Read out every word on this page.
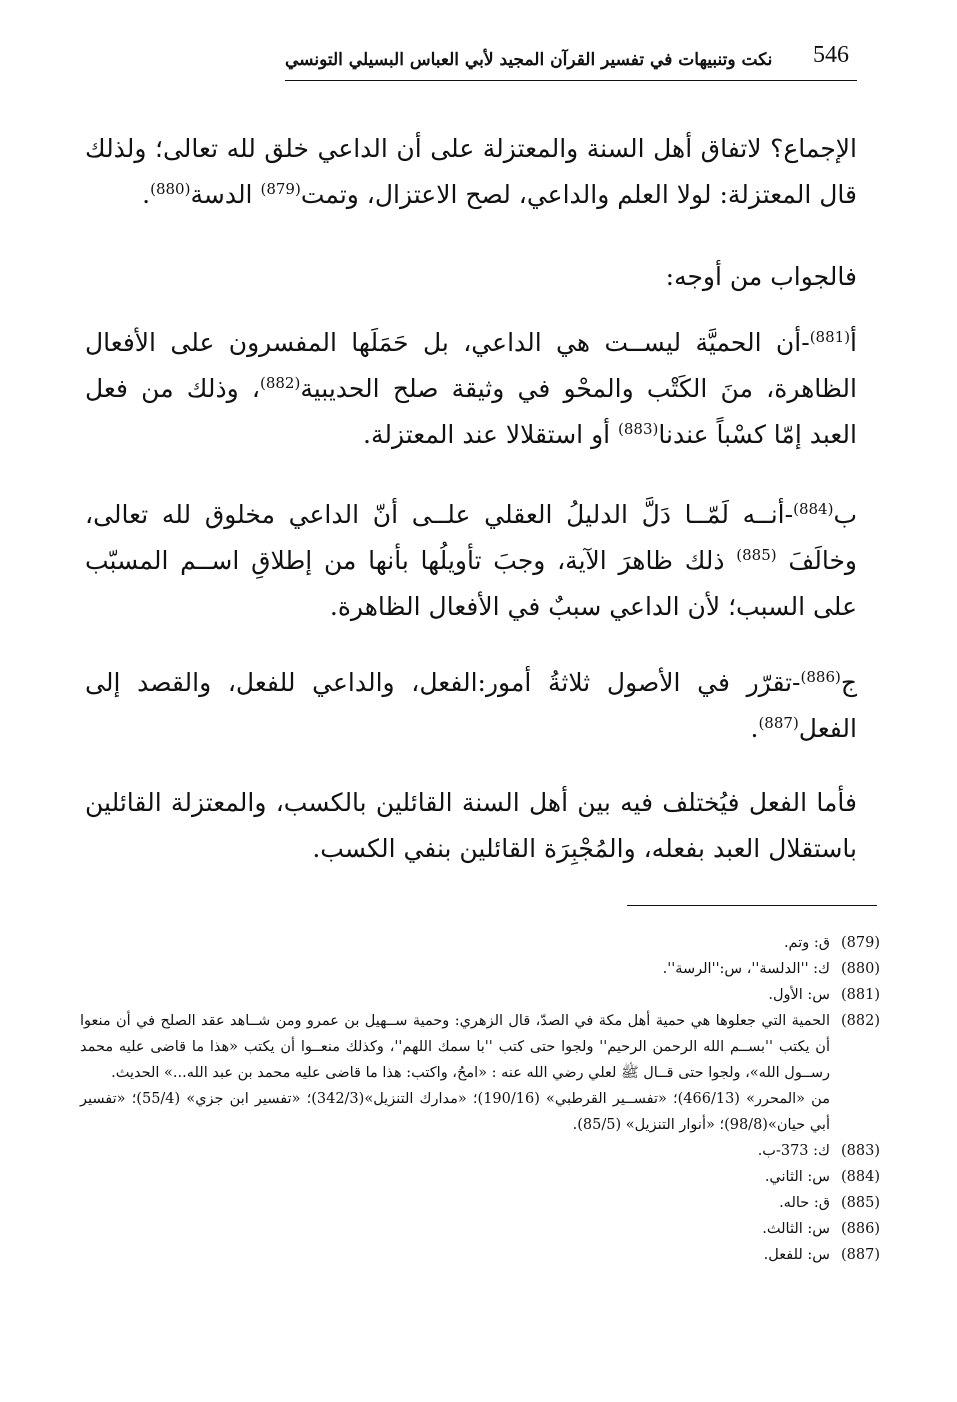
نكت وتنبيهات في تفسير القرآن المجيد لأبي العباس البسيلي التونسي 546

الإجماع؟ لاتفاق أهل السنة والمعتزلة على أن الداعي خلق لله تعالى؛ ولذلك قال المعتزلة: لولا العلم والداعي، لصح الاعتزال، وتمت$^{(879)}$ الدسة$^{(880)}$.

فالجواب من أوجه:

أ$^{(881)}$-أن الحميَّة ليســت هي الداعي، بل حَمَلَها المفسرون على الأفعال الظاهرة، منَ الكَتْب والمحْو في وثيقة صلح الحديبية$^{(882)}$، وذلك من فعل العبد إمّا كسْباً عندنا$^{(883)}$ أو استقلالا عند المعتزلة.

ب$^{(884)}$-أنــه لَمّــا دَلَّ الدليلُ العقلي علــى أنّ الداعي مخلوق لله تعالى، وخالَفَ $^{(885)}$ ذلك ظاهرَ الآية، وجبَ تأويلُها بأنها من إطلاقِ اســم المسبّب على السبب؛ لأن الداعي سببٌ في الأفعال الظاهرة.

ج$^{(886)}$-تقرّر في الأصول ثلاثةُ أمور:الفعل، والداعي للفعل، والقصد إلى الفعل$^{(887)}$.

فأما الفعل فيُختلف فيه بين أهل السنة القائلين بالكسب، والمعتزلة القائلين باستقلال العبد بفعله، والمُجْبِرَة القائلين بنفي الكسب.

(879)
ق: وتم.
(880)
ك: ''الدلسة''، س:''الرسة''.
(881)
س: الأول.
(882)
الحمية التي جعلوها هي حمية أهل مكة في الصدّ، قال الزهري: وحمية ســهيل بن عمرو ومن شــاهد عقد الصلح في أن منعوا أن يكتب ''بســم الله الرحمن الرحيم'' ولجوا حتى كتب ''با سمك اللهم''، وكذلك منعــوا أن يكتب «هذا ما قاضى عليه محمد رســول الله»، ولجوا حتى قــال ﷺ لعلي رضي الله عنه : «امحُ، واكتب: هذا ما قاضى عليه محمد بن عبد الله...» الحديث.
من «المحرر» (466/13)؛ «تفســير القرطبي» (190/16)؛ «مدارك التنزيل»(342/3)؛ «تفسير ابن جزي» (55/4)؛ «تفسير أبي حيان»(98/8)؛ «أنوار التنزيل» (85/5).
(883)
ك: 373-ب.
(884)
س: الثاني.
(885)
ق: حاله.
(886)
س: الثالث.
(887)
س: للفعل.
